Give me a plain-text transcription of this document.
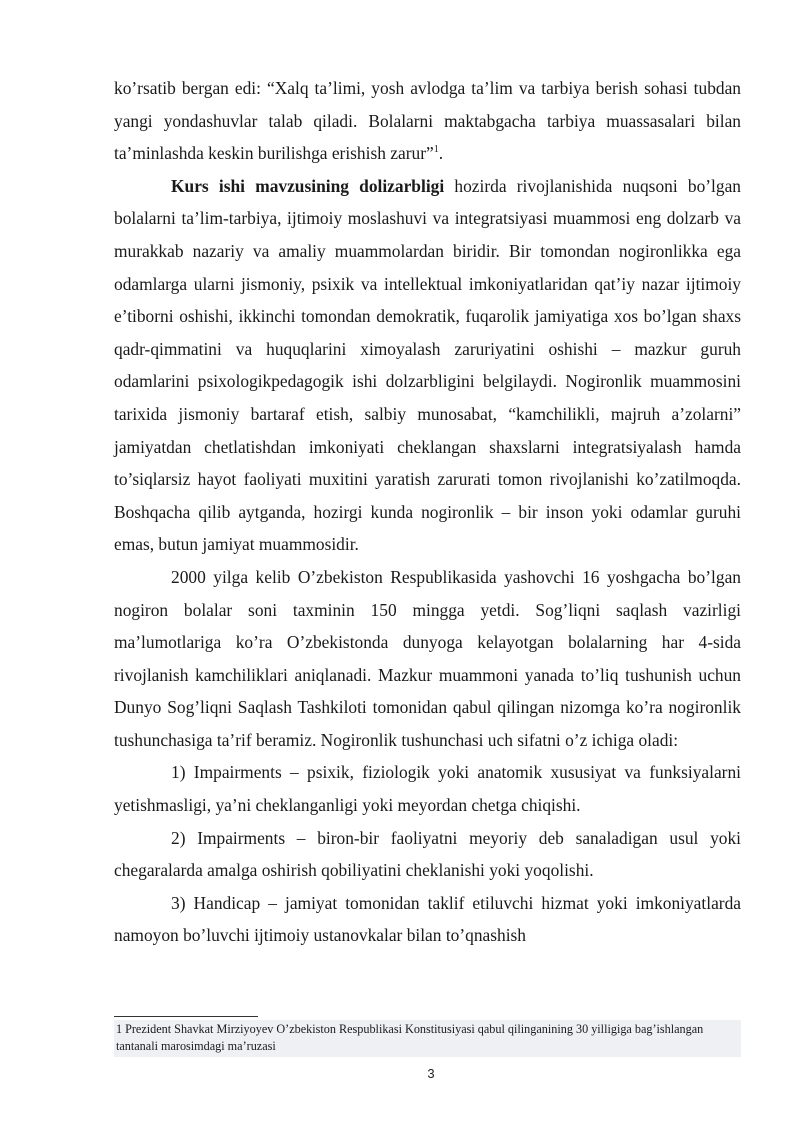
ko’rsatib bergan edi: “Xalq ta’limi, yosh avlodga ta’lim va tarbiya berish sohasi tubdan yangi yondashuvlar talab qiladi. Bolalarni maktabgacha tarbiya muassasalari bilan ta’minlashda keskin burilishga erishish zarur”$^1$.

Kurs ishi mavzusining dolizarbligi hozirda rivojlanishida nuqsoni bo’lgan bolalarni ta’lim-tarbiya, ijtimoiy moslashuvi va integratsiyasi muammosi eng dolzarb va murakkab nazariy va amaliy muammolardan biridir. Bir tomondan nogironlikka ega odamlarga ularni jismoniy, psixik va intellektual imkoniyatlaridan qat’iy nazar ijtimoiy e’tiborni oshishi, ikkinchi tomondan demokratik, fuqarolik jamiyatiga xos bo’lgan shaxs qadr-qimmatini va huquqlarini ximoyalash zaruriyatini oshishi – mazkur guruh odamlarini psixologikpedagogik ishi dolzarbligini belgilaydi. Nogironlik muammosini tarixida jismoniy bartaraf etish, salbiy munosabat, “kamchilikli, majruh a’zolarni” jamiyatdan chetlatishdan imkoniyati cheklangan shaxslarni integratsiyalash hamda to’siqlarsiz hayot faoliyati muxitini yaratish zarurati tomon rivojlanishi ko’zatilmoqda. Boshqacha qilib aytganda, hozirgi kunda nogironlik – bir inson yoki odamlar guruhi emas, butun jamiyat muammosidir.

2000 yilga kelib O’zbekiston Respublikasida yashovchi 16 yoshgacha bo’lgan nogiron bolalar soni taxminin 150 mingga yetdi. Sog’liqni saqlash vazirligi ma’lumotlariga ko’ra O’zbekistonda dunyoga kelayotgan bolalarning har 4-sida rivojlanish kamchiliklari aniqlanadi. Mazkur muammoni yanada to’liq tushunish uchun Dunyo Sog’liqni Saqlash Tashkiloti tomonidan qabul qilingan nizomga ko’ra nogironlik tushunchasiga ta’rif beramiz. Nogironlik tushunchasi uch sifatni o’z ichiga oladi:

1) Impairments – psixik, fiziologik yoki anatomik xususiyat va funksiyalarni yetishmasligi, ya’ni cheklanganligi yoki meyordan chetga chiqishi.

2) Impairments – biron-bir faoliyatni meyoriy deb sanaladigan usul yoki chegaralarda amalga oshirish qobiliyatini cheklanishi yoki yoqolishi.

3) Handicap – jamiyat tomonidan taklif etiluvchi hizmat yoki imkoniyatlarda namoyon bo’luvchi ijtimoiy ustanovkalar bilan to’qnashish

1 Prezident Shavkat Mirziyoyev O’zbekiston Respublikasi Konstitusiyasi qabul qilinganining 30 yilligiga bag’ishlangan tantanali marosimdagi ma’ruzasi
3
